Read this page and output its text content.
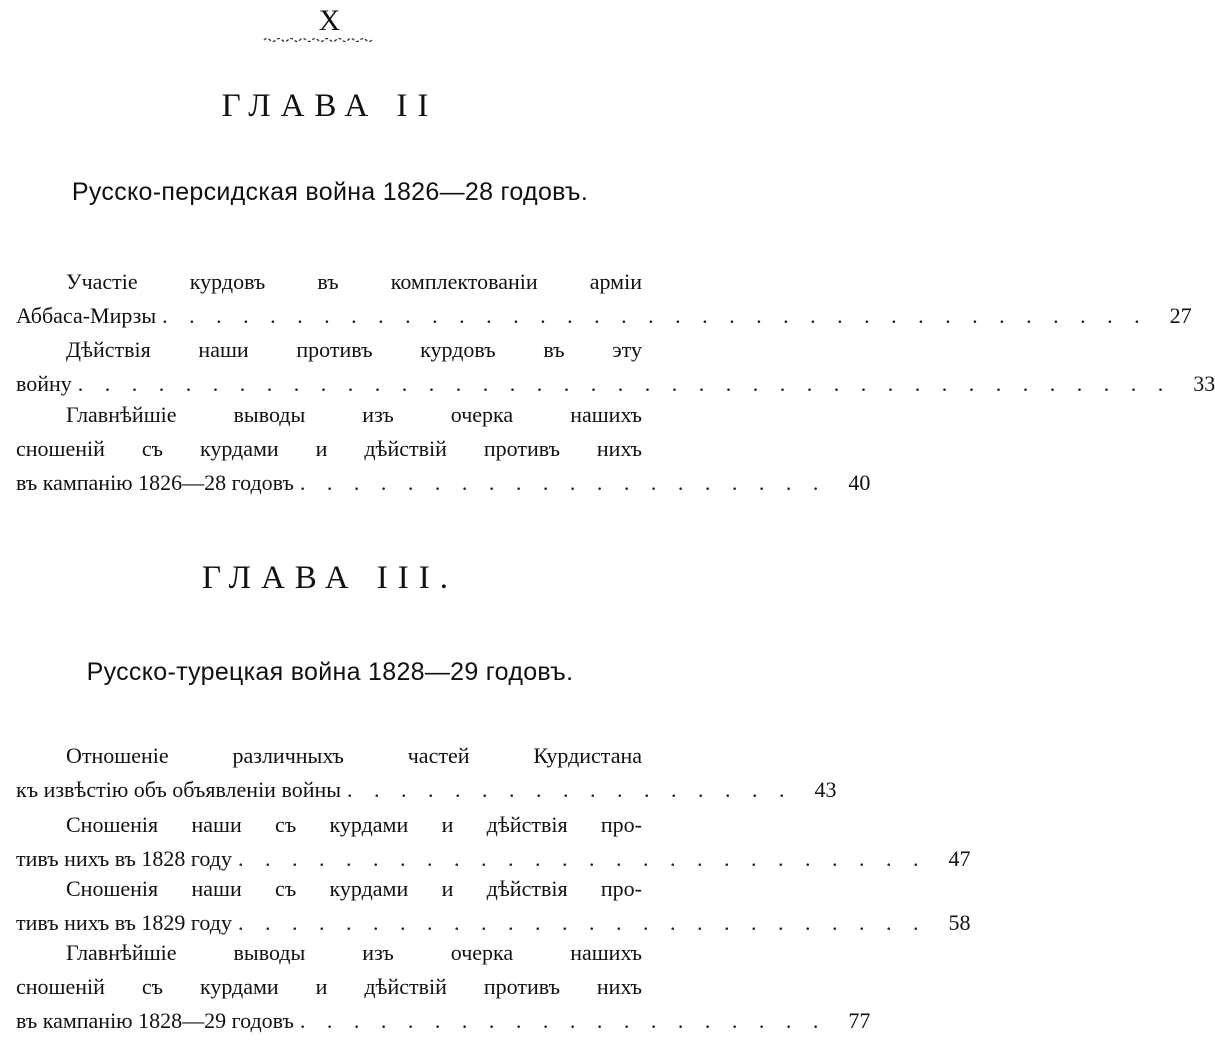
X
ГЛАВА II
Русско-персидская война 1826—28 годовъ.
Участіе курдовъ въ комплектованіи арміи
Аббаса-Мирзы . . . . . . . . . . . . . . . . . . . . . . . . . . . . . . . . . . . . .	27
Дѣйствія наши противъ курдовъ въ эту
войну . . . . . . . . . . . . . . . . . . . . . . . . . . . . . . . . . . . . . . . . .	33
Главнѣйшіе выводы изъ очерка нашихъ
сношеній съ курдами и дѣйствій противъ нихъ
въ кампанію 1826—28 годовъ . . . . . . . . . . . . . . . . . . . .	40
ГЛАВА III.
Русско-турецкая война 1828—29 годовъ.
Отношеніе различныхъ частей Курдистана
къ извѣстію объ объявленіи войны . . . . . . . . . . . . . . . . .	43
Сношенія наши съ курдами и дѣйствія про-
тивъ нихъ въ 1828 году . . . . . . . . . . . . . . . . . . . . . . . . . .	47
Сношенія наши съ курдами и дѣйствія про-
тивъ нихъ въ 1829 году . . . . . . . . . . . . . . . . . . . . . . . . . .	58
Главнѣйшіе выводы изъ очерка нашихъ
сношеній съ курдами и дѣйствій противъ нихъ
въ кампанію 1828—29 годовъ . . . . . . . . . . . . . . . . . . . .	77
